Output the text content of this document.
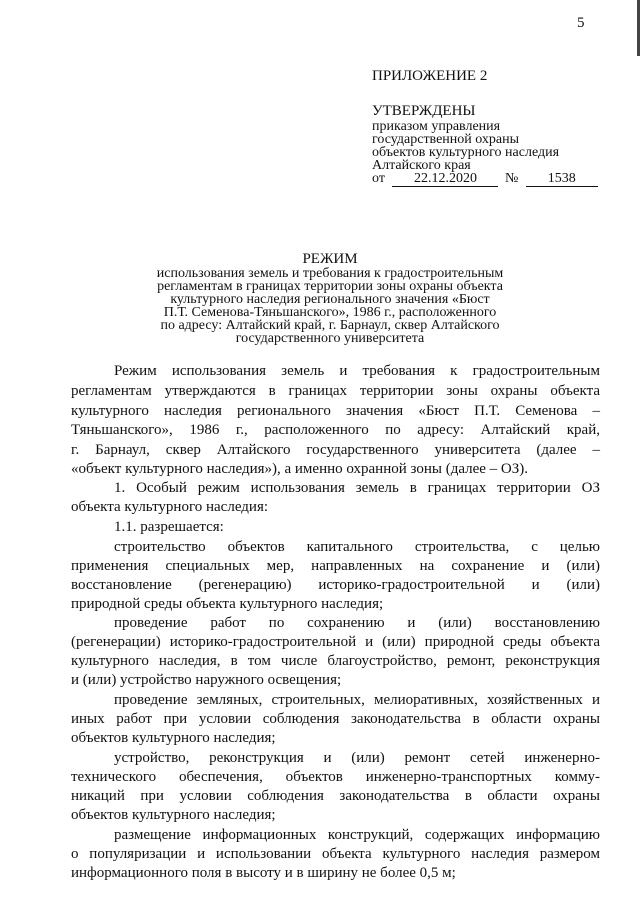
5
ПРИЛОЖЕНИЕ 2
УТВЕРЖДЕНЫ
приказом управления
государственной охраны
объектов культурного наследия
Алтайского края
от 22.12.2020 № 1538
РЕЖИМ
использования земель и требования к градостроительным
регламентам в границах территории зоны охраны объекта
культурного наследия регионального значения «Бюст
П.Т. Семенова-Тяньшанского», 1986 г., расположенного
по адресу: Алтайский край, г. Барнаул, сквер Алтайского
государственного университета
Режим использования земель и требования к градостроительным
регламентам утверждаются в границах территории зоны охраны объекта
культурного наследия регионального значения «Бюст П.Т. Семенова –
Тяньшанского», 1986 г., расположенного по адресу: Алтайский край,
г. Барнаул, сквер Алтайского государственного университета (далее –
«объект культурного наследия»), а именно охранной зоны (далее – ОЗ).
1. Особый режим использования земель в границах территории ОЗ
объекта культурного наследия:
1.1. разрешается:
строительство объектов капитального строительства, с целью
применения специальных мер, направленных на сохранение и (или)
восстановление (регенерацию) историко-градостроительной и (или)
природной среды объекта культурного наследия;
проведение работ по сохранению и (или) восстановлению
(регенерации) историко-градостроительной и (или) природной среды объекта
культурного наследия, в том числе благоустройство, ремонт, реконструкция
и (или) устройство наружного освещения;
проведение земляных, строительных, мелиоративных, хозяйственных и
иных работ при условии соблюдения законодательства в области охраны
объектов культурного наследия;
устройство, реконструкция и (или) ремонт сетей инженерно-
технического обеспечения, объектов инженерно-транспортных комму-
никаций при условии соблюдения законодательства в области охраны
объектов культурного наследия;
размещение информационных конструкций, содержащих информацию
о популяризации и использовании объекта культурного наследия размером
информационного поля в высоту и в ширину не более 0,5 м;
